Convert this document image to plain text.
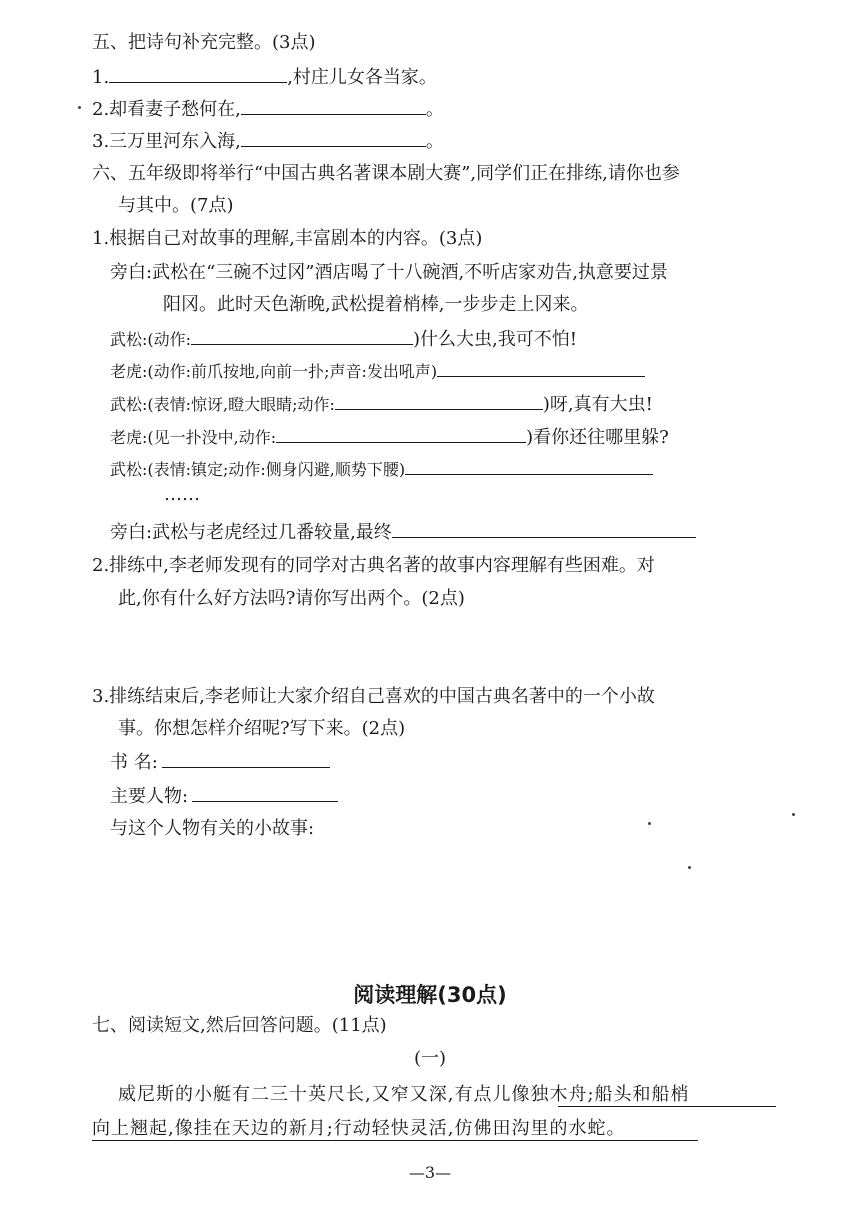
五、把诗句补充完整。(3点)
1.	,村庄儿女各当家。
2.却看妻子愁何在,	。
3.三万里河东入海,	。
六、五年级即将举行“中国古典名著课本剧大赛”,同学们正在排练,请你也参
与其中。(7点)
1.根据自己对故事的理解,丰富剧本的内容。(3点)
旁白:武松在“三碗不过冈”酒店喝了十八碗酒,不听店家劝告,执意要过景
阳冈。此时天色渐晚,武松提着梢棒,一步步走上冈来。
武松:(动作:	)什么大虫,我可不怕!
老虎:(动作:前爪按地,向前一扑;声音:发出吼声)
武松:(表情:惊讶,瞪大眼睛;动作:	)呀,真有大虫!
老虎:(见一扑没中,动作:	)看你还往哪里躲?
武松:(表情:镇定;动作:侧身闪避,顺势下腰)
……
旁白:武松与老虎经过几番较量,最终
2.排练中,李老师发现有的同学对古典名著的故事内容理解有些困难。对
此,你有什么好方法吗?请你写出两个。(2点)
3.排练结束后,李老师让大家介绍自己喜欢的中国古典名著中的一个小故
事。你想怎样介绍呢?写下来。(2点)
书 名:
主要人物:
与这个人物有关的小故事:
阅读理解(30点)
七、阅读短文,然后回答问题。(11点)
(一)
威尼斯的小艇有二三十英尺长,又窄又深,有点儿像独木舟;船头和船梢
向上翘起,像挂在天边的新月;行动轻快灵活,仿佛田沟里的水蛇。
—3—
